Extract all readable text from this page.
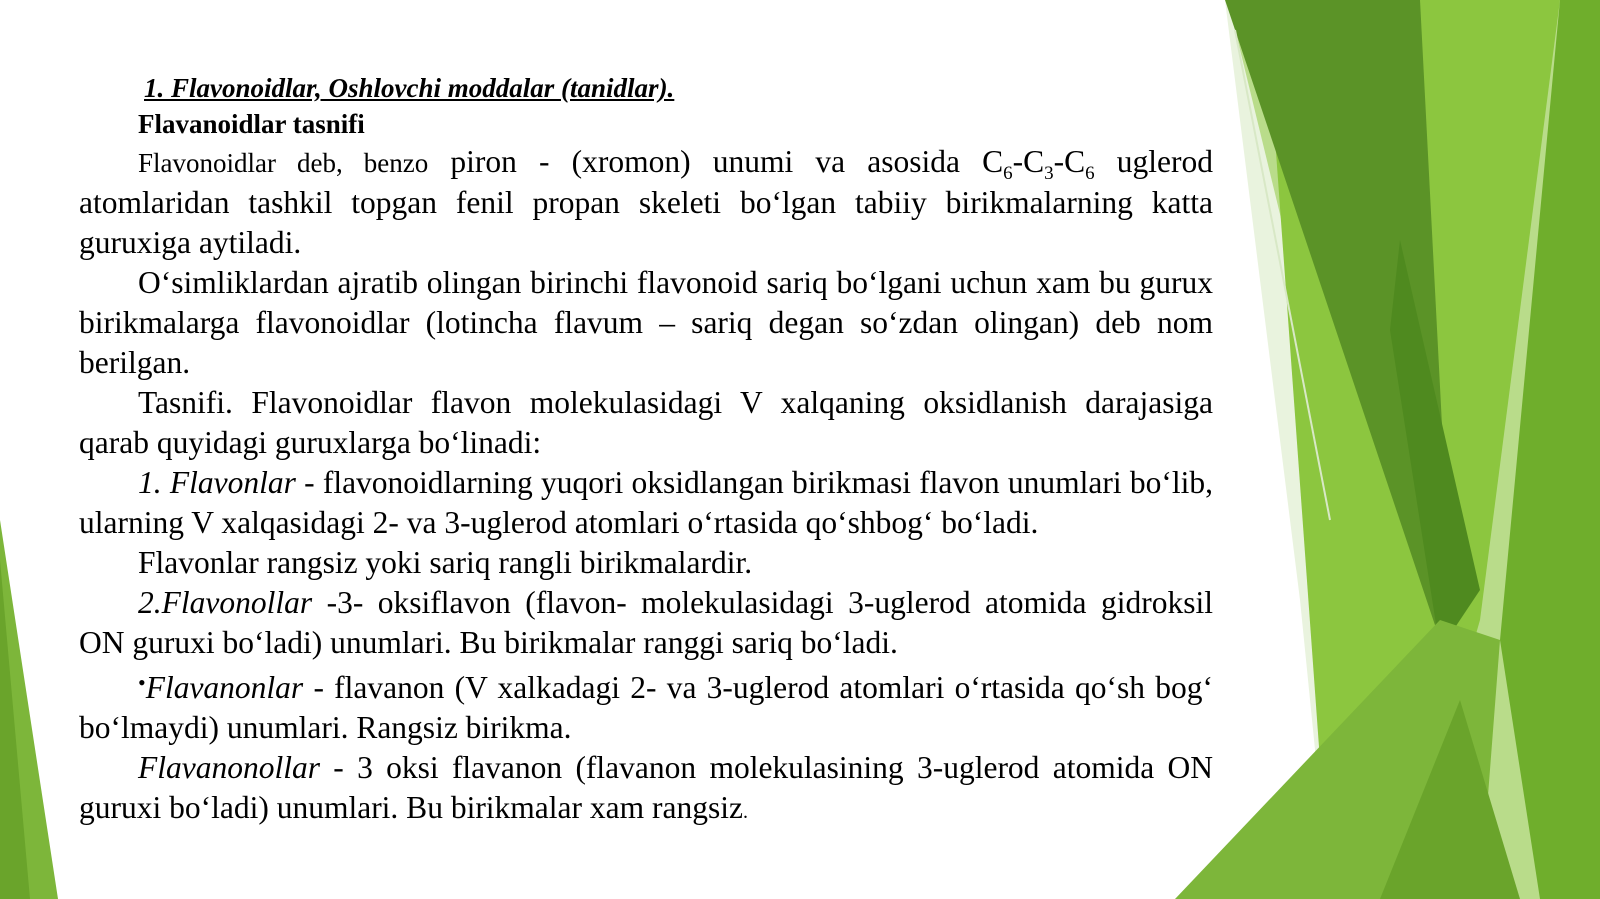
1. Flavonoidlar, Oshlovchi moddalar (tanidlar).

Flavanoidlar tasnifi

Flavonoidlar deb, benzo piron - (xromon) unumi va asosida $C_6-C_3-C_6$ uglerod atomlaridan tashkil topgan fenil propan skeleti bo‘lgan tabiiy birikmalarning katta guruxiga aytiladi.

O‘simliklardan ajratib olingan birinchi flavonoid sariq bo‘lgani uchun xam bu gurux birikmalarga flavonoidlar (lotincha flavum – sariq degan so‘zdan olingan) deb nom berilgan.

Tasnifi. Flavonoidlar flavon molekulasidagi V xalqaning oksidlanish darajasiga qarab quyidagi guruxlarga bo‘linadi:

1. Flavonlar - flavonoidlarning yuqori oksidlangan birikmasi flavon unumlari bo‘lib, ularning V xalqasidagi 2- va 3-uglerod atomlari o‘rtasida qo‘shbog‘ bo‘ladi.

Flavonlar rangsiz yoki sariq rangli birikmalardir.

2.Flavonollar -3- oksiflavon (flavon- molekulasidagi 3-uglerod atomida gidroksil ON guruxi bo‘ladi) unumlari. Bu birikmalar ranggi sariq bo‘ladi.

•Flavanonlar - flavanon (V xalkadagi 2- va 3-uglerod atomlari o‘rtasida qo‘sh bog‘ bo‘lmaydi) unumlari. Rangsiz birikma.

Flavanonollar - 3 oksi flavanon (flavanon molekulasining 3-uglerod atomida ON guruxi bo‘ladi) unumlari. Bu birikmalar xam rangsiz.
